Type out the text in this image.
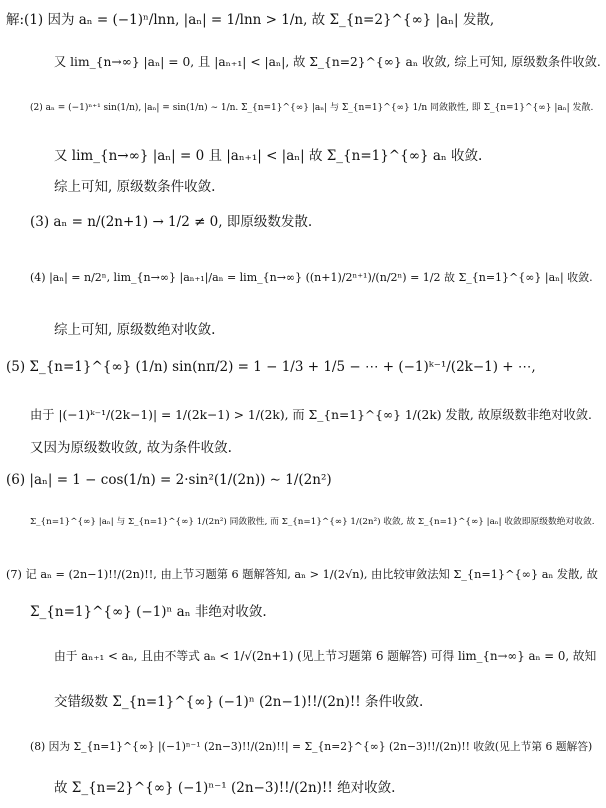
解:(1) 因为 aₙ = (−1)ⁿ/lnn, |aₙ| = 1/lnn > 1/n, 故 Σ_{n=2}^{∞} |aₙ| 发散,
又 lim_{n→∞} |aₙ| = 0, 且 |aₙ₊₁| < |aₙ|, 故 Σ_{n=2}^{∞} aₙ 收敛, 综上可知, 原级数条件收敛.
(2) aₙ = (−1)ⁿ⁺¹ sin(1/n), |aₙ| = sin(1/n) ∼ 1/n. Σ_{n=1}^{∞} |aₙ| 与 Σ_{n=1}^{∞} 1/n 同敛散性, 即 Σ_{n=1}^{∞} |aₙ| 发散.
又 lim_{n→∞} |aₙ| = 0 且 |aₙ₊₁| < |aₙ| 故 Σ_{n=1}^{∞} aₙ 收敛.
综上可知, 原级数条件收敛.
(3) aₙ = n/(2n+1) → 1/2 ≠ 0, 即原级数发散.
(4) |aₙ| = n/2ⁿ, lim_{n→∞} |aₙ₊₁|/aₙ = lim_{n→∞} ((n+1)/2ⁿ⁺¹)/(n/2ⁿ) = 1/2 故 Σ_{n=1}^{∞} |aₙ| 收敛.
综上可知, 原级数绝对收敛.
(5) Σ_{n=1}^{∞} (1/n) sin(nπ/2) = 1 − 1/3 + 1/5 − ⋯ + (−1)ᵏ⁻¹/(2k−1) + ⋯,
由于 |(−1)ᵏ⁻¹/(2k−1)| = 1/(2k−1) > 1/(2k), 而 Σ_{n=1}^{∞} 1/(2k) 发散, 故原级数非绝对收敛.
又因为原级数收敛, 故为条件收敛.
(6) |aₙ| = 1 − cos(1/n) = 2·sin²(1/(2n)) ∼ 1/(2n²)
Σ_{n=1}^{∞} |aₙ| 与 Σ_{n=1}^{∞} 1/(2n²) 同敛散性, 而 Σ_{n=1}^{∞} 1/(2n²) 收敛, 故 Σ_{n=1}^{∞} |aₙ| 收敛即原级数绝对收敛.
(7) 记 aₙ = (2n−1)!!/(2n)!!, 由上节习题第 6 题解答知, aₙ > 1/(2√n), 由比较审敛法知 Σ_{n=1}^{∞} aₙ 发散, 故
Σ_{n=1}^{∞} (−1)ⁿ aₙ 非绝对收敛.
由于 aₙ₊₁ < aₙ, 且由不等式 aₙ < 1/√(2n+1) (见上节习题第 6 题解答) 可得 lim_{n→∞} aₙ = 0, 故知
交错级数 Σ_{n=1}^{∞} (−1)ⁿ (2n−1)!!/(2n)!! 条件收敛.
(8) 因为 Σ_{n=1}^{∞} |(−1)ⁿ⁻¹ (2n−3)!!/(2n)!!| = Σ_{n=2}^{∞} (2n−3)!!/(2n)!! 收敛(见上节第 6 题解答)
故 Σ_{n=2}^{∞} (−1)ⁿ⁻¹ (2n−3)!!/(2n)!! 绝对收敛.
